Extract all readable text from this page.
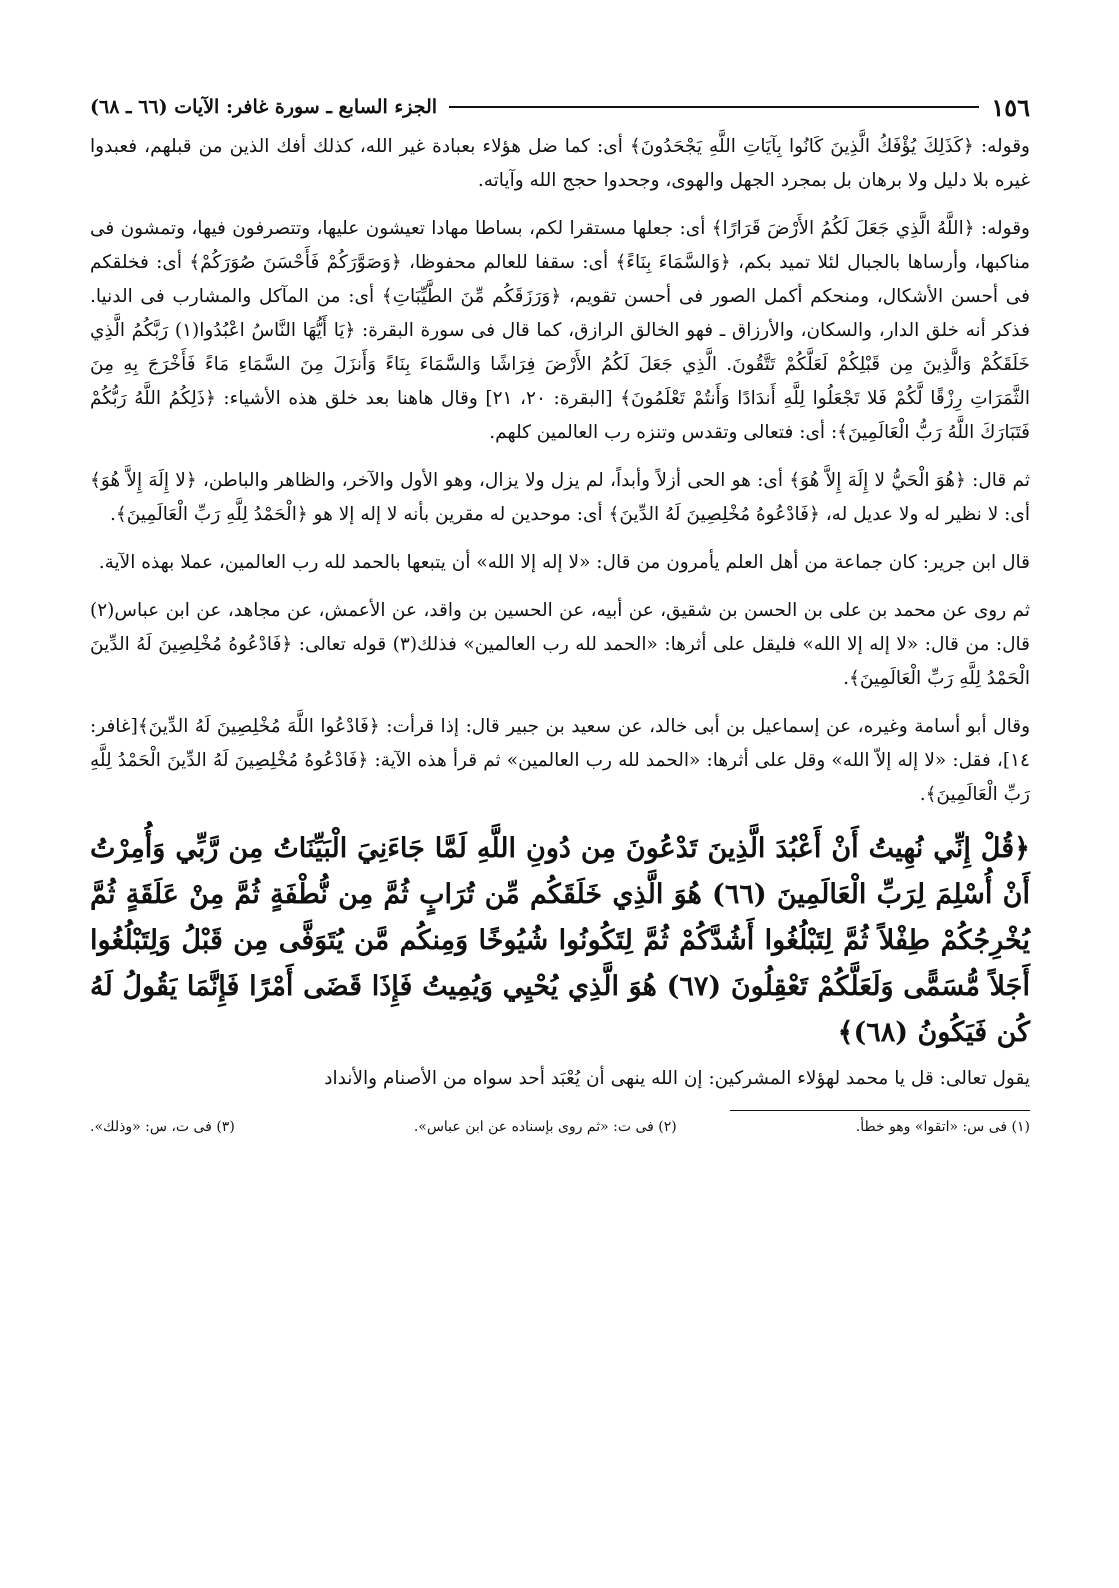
١٥٦
الجزء السابع ـ سورة غافر: الآيات (٦٦ ـ ٦٨)

وقوله: ﴿كَذَلِكَ يُؤْفَكُ الَّذِينَ كَانُوا بِآيَاتِ اللَّهِ يَجْحَدُونَ﴾ أى: كما ضل هؤلاء بعبادة غير الله، كذلك أفك الذين من قبلهم، فعبدوا غيره بلا دليل ولا برهان بل بمجرد الجهل والهوى، وجحدوا حجج الله وآياته.

وقوله: ﴿اللَّهُ الَّذِي جَعَلَ لَكُمُ الأَرْضَ قَرَارًا﴾ أى: جعلها مستقرا لكم، بساطا مهادا تعيشون عليها، وتتصرفون فيها، وتمشون فى مناكبها، وأرساها بالجبال لئلا تميد بكم، ﴿وَالسَّمَاءَ بِنَاءً﴾ أى: سقفا للعالم محفوظا، ﴿وَصَوَّرَكُمْ فَأَحْسَنَ صُوَرَكُمْ﴾ أى: فخلقكم فى أحسن الأشكال، ومنحكم أكمل الصور فى أحسن تقويم، ﴿وَرَزَقَكُم مِّنَ الطَّيِّبَاتِ﴾ أى: من المآكل والمشارب فى الدنيا. فذكر أنه خلق الدار، والسكان، والأرزاق ـ فهو الخالق الرازق، كما قال فى سورة البقرة: ﴿يَا أَيُّهَا النَّاسُ اعْبُدُوا(١) رَبَّكُمُ الَّذِي خَلَقَكُمْ وَالَّذِينَ مِن قَبْلِكُمْ لَعَلَّكُمْ تَتَّقُونَ. الَّذِي جَعَلَ لَكُمُ الأَرْضَ فِرَاشًا وَالسَّمَاءَ بِنَاءً وَأَنزَلَ مِنَ السَّمَاءِ مَاءً فَأَخْرَجَ بِهِ مِنَ الثَّمَرَاتِ رِزْقًا لَّكُمْ فَلا تَجْعَلُوا لِلَّهِ أَندَادًا وَأَنتُمْ تَعْلَمُونَ﴾ [البقرة: ٢٠، ٢١] وقال هاهنا بعد خلق هذه الأشياء: ﴿ذَلِكُمُ اللَّهُ رَبُّكُمْ فَتَبَارَكَ اللَّهُ رَبُّ الْعَالَمِينَ﴾: أى: فتعالى وتقدس وتنزه رب العالمين كلهم.

ثم قال: ﴿هُوَ الْحَيُّ لا إِلَهَ إِلاَّ هُوَ﴾ أى: هو الحى أزلاً وأبداً، لم يزل ولا يزال، وهو الأول والآخر، والظاهر والباطن، ﴿لا إِلَهَ إِلاَّ هُوَ﴾ أى: لا نظير له ولا عديل له، ﴿فَادْعُوهُ مُخْلِصِينَ لَهُ الدِّينَ﴾ أى: موحدين له مقرين بأنه لا إله إلا هو ﴿الْحَمْدُ لِلَّهِ رَبِّ الْعَالَمِينَ﴾.

قال ابن جرير: كان جماعة من أهل العلم يأمرون من قال: «لا إله إلا الله» أن يتبعها بالحمد لله رب العالمين، عملا بهذه الآية.

ثم روى عن محمد بن على بن الحسن بن شقيق، عن أبيه، عن الحسين بن واقد، عن الأعمش، عن مجاهد، عن ابن عباس(٢) قال: من قال: «لا إله إلا الله» فليقل على أثرها: «الحمد لله رب العالمين» فذلك(٣) قوله تعالى: ﴿فَادْعُوهُ مُخْلِصِينَ لَهُ الدِّينَ الْحَمْدُ لِلَّهِ رَبِّ الْعَالَمِينَ﴾.

وقال أبو أسامة وغيره، عن إسماعيل بن أبى خالد، عن سعيد بن جبير قال: إذا قرأت: ﴿فَادْعُوا اللَّهَ مُخْلِصِينَ لَهُ الدِّينَ﴾[غافر: ١٤]، فقل: «لا إله إلاّ الله» وقل على أثرها: «الحمد لله رب العالمين» ثم قرأ هذه الآية: ﴿فَادْعُوهُ مُخْلِصِينَ لَهُ الدِّينَ الْحَمْدُ لِلَّهِ رَبِّ الْعَالَمِينَ﴾.

﴿قُلْ إِنِّي نُهِيتُ أَنْ أَعْبُدَ الَّذِينَ تَدْعُونَ مِن دُونِ اللَّهِ لَمَّا جَاءَنِيَ الْبَيِّنَاتُ مِن رَّبِّي وَأُمِرْتُ أَنْ أُسْلِمَ لِرَبِّ الْعَالَمِينَ (٦٦) هُوَ الَّذِي خَلَقَكُم مِّن تُرَابٍ ثُمَّ مِن نُّطْفَةٍ ثُمَّ مِنْ عَلَقَةٍ ثُمَّ يُخْرِجُكُمْ طِفْلاً ثُمَّ لِتَبْلُغُوا أَشُدَّكُمْ ثُمَّ لِتَكُونُوا شُيُوخًا وَمِنكُم مَّن يُتَوَفَّى مِن قَبْلُ وَلِتَبْلُغُوا أَجَلاً مُّسَمًّى وَلَعَلَّكُمْ تَعْقِلُونَ (٦٧) هُوَ الَّذِي يُحْيِي وَيُمِيتُ فَإِذَا قَضَى أَمْرًا فَإِنَّمَا يَقُولُ لَهُ كُن فَيَكُونُ (٦٨)﴾

يقول تعالى: قل يا محمد لهؤلاء المشركين: إن الله ينهى أن يُعْبَد أحد سواه من الأصنام والأنداد

(١) فى س: «اتقوا» وهو خطأ.
(٢) فى ت: «ثم روى بإسناده عن ابن عباس».
(٣) فى ت، س: «وذلك».
